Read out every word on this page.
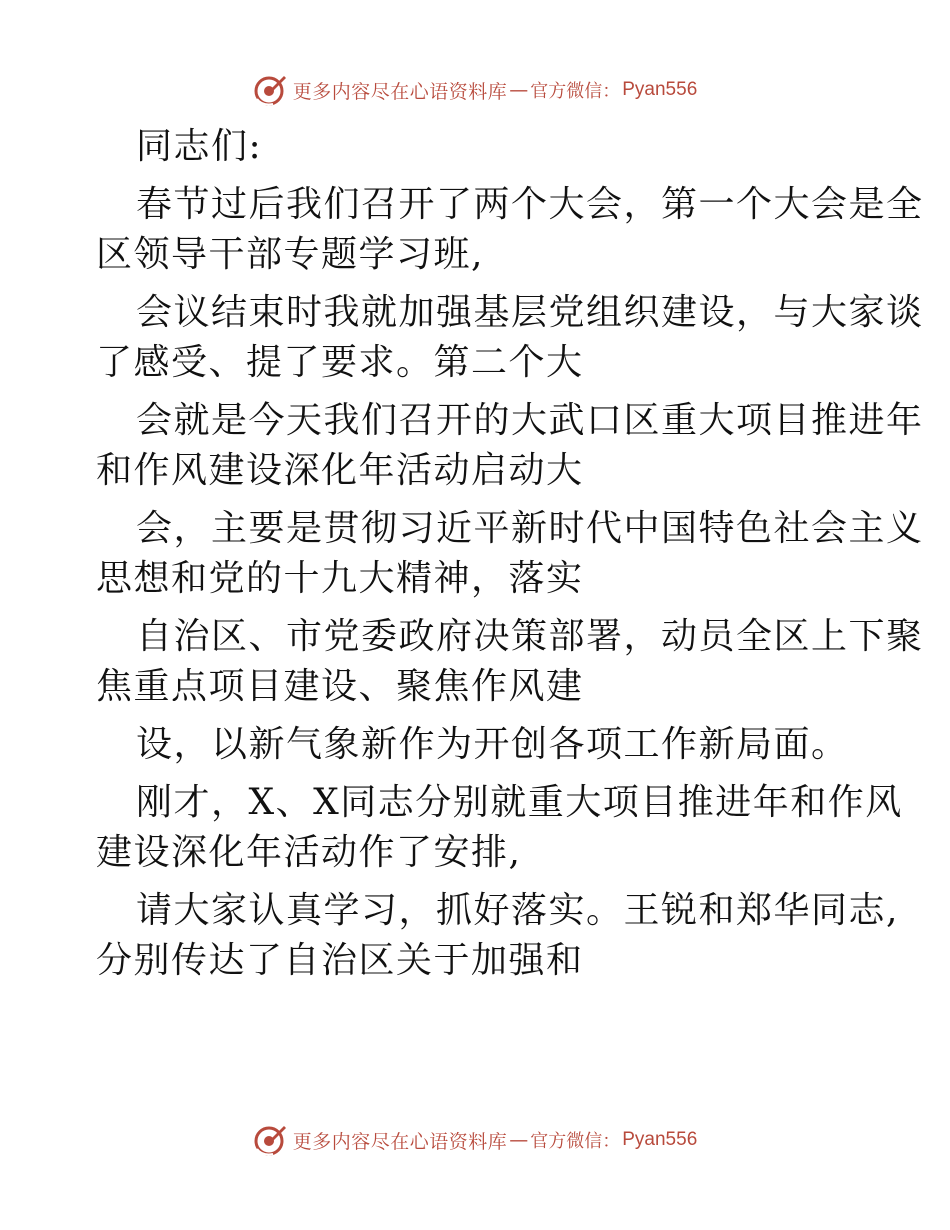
更多内容尽在心语资料库 — 官方微信： Pyan556
同志们:
春节过后我们召开了两个大会，第一个大会是全
区领导干部专题学习班,
会议结束时我就加强基层党组织建设，与大家谈
了感受、提了要求。第二个大
会就是今天我们召开的大武口区重大项目推进年
和作风建设深化年活动启动大
会，主要是贯彻习近平新时代中国特色社会主义
思想和党的十九大精神，落实
自治区、市党委政府决策部署，动员全区上下聚
焦重点项目建设、聚焦作风建
设，以新气象新作为开创各项工作新局面。
刚才，X、X同志分别就重大项目推进年和作风
建设深化年活动作了安排,
请大家认真学习，抓好落实。王锐和郑华同志,
分别传达了自治区关于加强和
更多内容尽在心语资料库 — 官方微信： Pyan556
